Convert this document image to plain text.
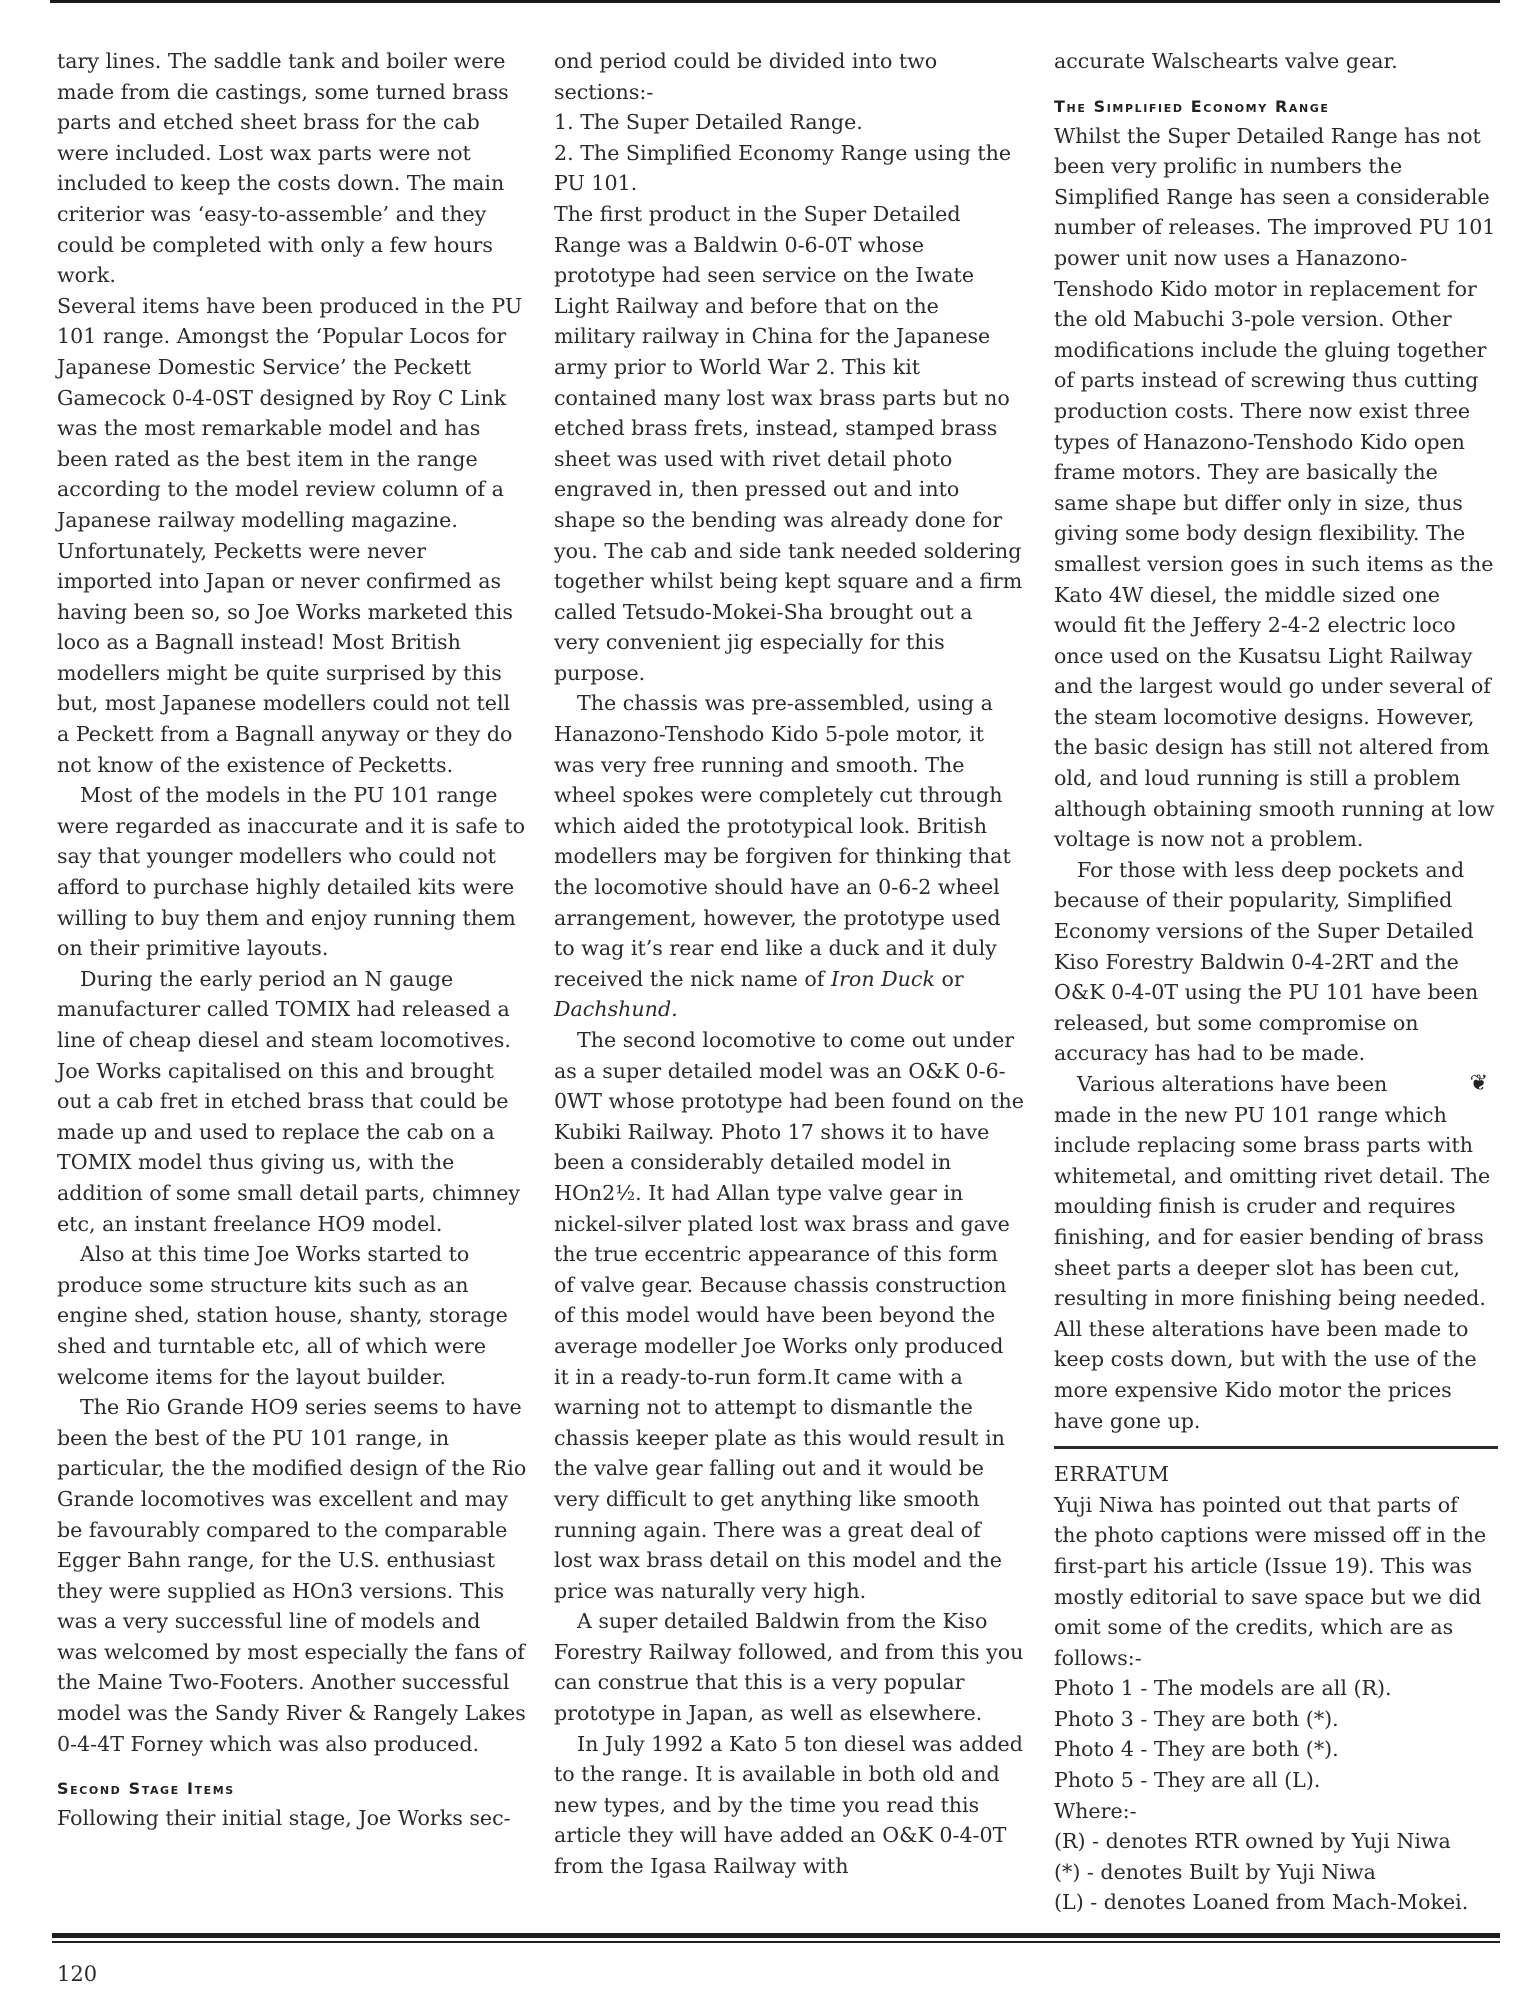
tary lines. The saddle tank and boiler were made from die castings, some turned brass parts and etched sheet brass for the cab were included. Lost wax parts were not included to keep the costs down. The main criterior was ‘easy-to-assemble’ and they could be completed with only a few hours work.

Several items have been produced in the PU 101 range. Amongst the ‘Popular Locos for Japanese Domestic Service’ the Peckett Gamecock 0-4-0ST designed by Roy C Link was the most remarkable model and has been rated as the best item in the range according to the model review column of a Japanese railway modelling magazine. Unfortunately, Pecketts were never imported into Japan or never confirmed as having been so, so Joe Works marketed this loco as a Bagnall instead! Most British modellers might be quite surprised by this but, most Japanese modellers could not tell a Peckett from a Bagnall anyway or they do not know of the existence of Pecketts.

Most of the models in the PU 101 range were regarded as inaccurate and it is safe to say that younger modellers who could not afford to purchase highly detailed kits were willing to buy them and enjoy running them on their primitive layouts.

During the early period an N gauge manufacturer called TOMIX had released a line of cheap diesel and steam locomotives. Joe Works capitalised on this and brought out a cab fret in etched brass that could be made up and used to replace the cab on a TOMIX model thus giving us, with the addition of some small detail parts, chimney etc, an instant freelance HO9 model.

Also at this time Joe Works started to produce some structure kits such as an engine shed, station house, shanty, storage shed and turntable etc, all of which were welcome items for the layout builder.

The Rio Grande HO9 series seems to have been the best of the PU 101 range, in particular, the the modified design of the Rio Grande locomotives was excellent and may be favourably compared to the comparable Egger Bahn range, for the U.S. enthusiast they were supplied as HOn3 versions. This was a very successful line of models and was welcomed by most especially the fans of the Maine Two-Footers. Another successful model was the Sandy River & Rangely Lakes 0-4-4T Forney which was also produced.

Second Stage Items

Following their initial stage, Joe Works sec-

ond period could be divided into two sections:-

1. The Super Detailed Range.

2. The Simplified Economy Range using the PU 101.

The first product in the Super Detailed Range was a Baldwin 0-6-0T whose prototype had seen service on the Iwate Light Railway and before that on the military railway in China for the Japanese army prior to World War 2. This kit contained many lost wax brass parts but no etched brass frets, instead, stamped brass sheet was used with rivet detail photo engraved in, then pressed out and into shape so the bending was already done for you. The cab and side tank needed soldering together whilst being kept square and a firm called Tetsudo-Mokei-Sha brought out a very convenient jig especially for this purpose.

The chassis was pre-assembled, using a Hanazono-Tenshodo Kido 5-pole motor, it was very free running and smooth. The wheel spokes were completely cut through which aided the prototypical look. British modellers may be forgiven for thinking that the locomotive should have an 0-6-2 wheel arrangement, however, the prototype used to wag it’s rear end like a duck and it duly received the nick name of Iron Duck or Dachshund.

The second locomotive to come out under as a super detailed model was an O&K 0-6-0WT whose prototype had been found on the Kubiki Railway. Photo 17 shows it to have been a considerably detailed model in HOn2½. It had Allan type valve gear in nickel-silver plated lost wax brass and gave the true eccentric appearance of this form of valve gear. Because chassis construction of this model would have been beyond the average modeller Joe Works only produced it in a ready-to-run form.It came with a warning not to attempt to dismantle the chassis keeper plate as this would result in the valve gear falling out and it would be very difficult to get anything like smooth running again. There was a great deal of lost wax brass detail on this model and the price was naturally very high.

A super detailed Baldwin from the Kiso Forestry Railway followed, and from this you can construe that this is a very popular prototype in Japan, as well as elsewhere.

In July 1992 a Kato 5 ton diesel was added to the range. It is available in both old and new types, and by the time you read this article they will have added an O&K 0-4-0T from the Igasa Railway with

accurate Walschearts valve gear.

The Simplified Economy Range

Whilst the Super Detailed Range has not been very prolific in numbers the Simplified Range has seen a considerable number of releases. The improved PU 101 power unit now uses a Hanazono-Tenshodo Kido motor in replacement for the old Mabuchi 3-pole version. Other modifications include the gluing together of parts instead of screwing thus cutting production costs. There now exist three types of Hanazono-Tenshodo Kido open frame motors. They are basically the same shape but differ only in size, thus giving some body design flexibility. The smallest version goes in such items as the Kato 4W diesel, the middle sized one would fit the Jeffery 2-4-2 electric loco once used on the Kusatsu Light Railway and the largest would go under several of the steam locomotive designs. However, the basic design has still not altered from old, and loud running is still a problem although obtaining smooth running at low voltage is now not a problem.

For those with less deep pockets and because of their popularity, Simplified Economy versions of the Super Detailed Kiso Forestry Baldwin 0-4-2RT and the O&K 0-4-0T using the PU 101 have been released, but some compromise on accuracy has had to be made.

❦
Various alterations have been made in the new PU 101 range which include replacing some brass parts with whitemetal, and omitting rivet detail. The moulding finish is cruder and requires finishing, and for easier bending of brass sheet parts a deeper slot has been cut, resulting in more finishing being needed. All these alterations have been made to keep costs down, but with the use of the more expensive Kido motor the prices have gone up.

ERRATUM

Yuji Niwa has pointed out that parts of the photo captions were missed off in the first-part his article (Issue 19). This was mostly editorial to save space but we did omit some of the credits, which are as follows:-

Photo 1 - The models are all (R).

Photo 3 - They are both (*).

Photo 4 - They are both (*).

Photo 5 - They are all (L).

Where:-

(R) - denotes RTR owned by Yuji Niwa

(*) - denotes Built by Yuji Niwa

(L) - denotes Loaned from Mach-Mokei.

120
